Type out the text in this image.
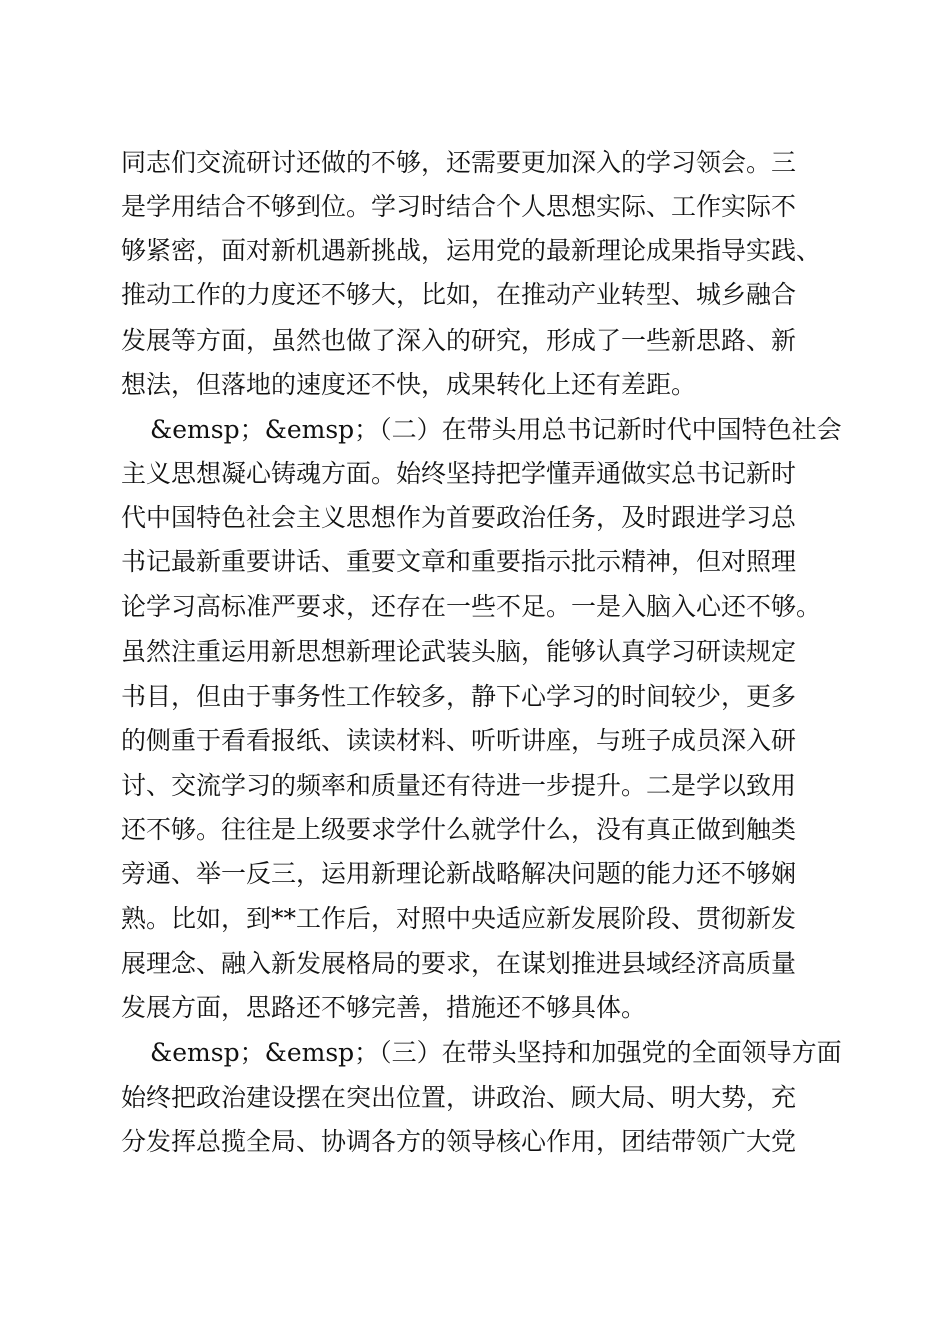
同志们交流研讨还做的不够，还需要更加深入的学习领会。三
是学用结合不够到位。学习时结合个人思想实际、工作实际不
够紧密，面对新机遇新挑战，运用党的最新理论成果指导实践、
推动工作的力度还不够大，比如，在推动产业转型、城乡融合
发展等方面，虽然也做了深入的研究，形成了一些新思路、新
想法，但落地的速度还不快，成果转化上还有差距。
&emsp；&emsp；（二）在带头用总书记新时代中国特色社会
主义思想凝心铸魂方面。始终坚持把学懂弄通做实总书记新时
代中国特色社会主义思想作为首要政治任务，及时跟进学习总
书记最新重要讲话、重要文章和重要指示批示精神，但对照理
论学习高标准严要求，还存在一些不足。一是入脑入心还不够。
虽然注重运用新思想新理论武装头脑，能够认真学习研读规定
书目，但由于事务性工作较多，静下心学习的时间较少，更多
的侧重于看看报纸、读读材料、听听讲座，与班子成员深入研
讨、交流学习的频率和质量还有待进一步提升。二是学以致用
还不够。往往是上级要求学什么就学什么，没有真正做到触类
旁通、举一反三，运用新理论新战略解决问题的能力还不够娴
熟。比如，到**工作后，对照中央适应新发展阶段、贯彻新发
展理念、融入新发展格局的要求，在谋划推进县域经济高质量
发展方面，思路还不够完善，措施还不够具体。
&emsp；&emsp；（三）在带头坚持和加强党的全面领导方面
始终把政治建设摆在突出位置，讲政治、顾大局、明大势，充
分发挥总揽全局、协调各方的领导核心作用，团结带领广大党
